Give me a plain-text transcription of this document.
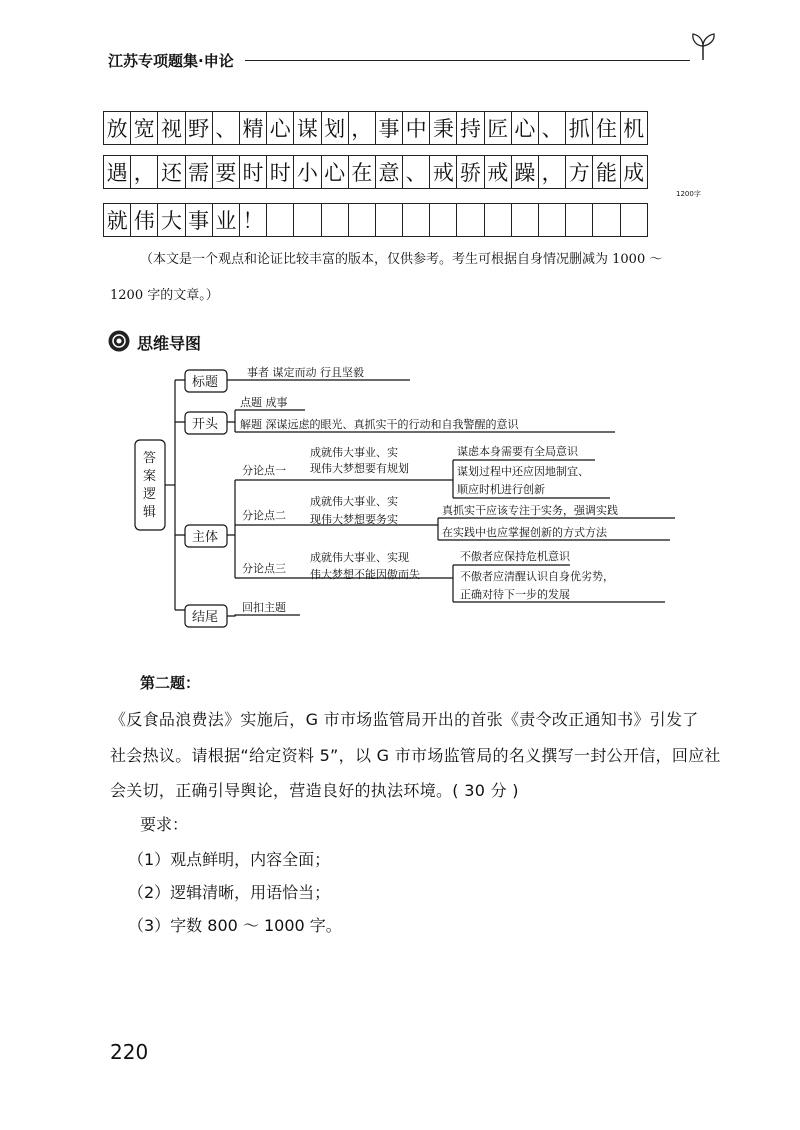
江苏专项题集·申论
放 宽 视 野 、 精 心 谋 划 ， 事 中 秉 持 匠 心 、 抓 住 机
遇 ， 还 需 要 时 时 小 心 在 意 、 戒 骄 戒 躁 ， 方 能 成
就 伟 大 事 业 ！
1200字
（本文是一个观点和论证比较丰富的版本，仅供参考。考生可根据自身情况删减为 1000 ～
1200 字的文章。）
思维导图
答
案
逻
辑
标题
事者 谋定而动 行且坚毅
开头
点题 成事
解题 深谋远虑的眼光、真抓实干的行动和自我警醒的意识
主体
分论点一
分论点二
分论点三
成就伟大事业、实
现伟大梦想要有规划
成就伟大事业、实
现伟大梦想要务实
成就伟大事业、实现
伟大梦想不能因傲而失
谋虑本身需要有全局意识
谋划过程中还应因地制宜、
顺应时机进行创新
真抓实干应该专注于实务，强调实践
在实践中也应掌握创新的方式方法
不傲者应保持危机意识
不傲者应清醒认识自身优劣势，
正确对待下一步的发展
结尾
回扣主题
第二题：
《反食品浪费法》实施后，G 市市场监管局开出的首张《责令改正通知书》引发了
社会热议。请根据“给定资料 5”，以 G 市市场监管局的名义撰写一封公开信，回应社
会关切，正确引导舆论，营造良好的执法环境。( 30 分 )
要求：
（1）观点鲜明，内容全面；
（2）逻辑清晰，用语恰当；
（3）字数 800 ～ 1000 字。
220
